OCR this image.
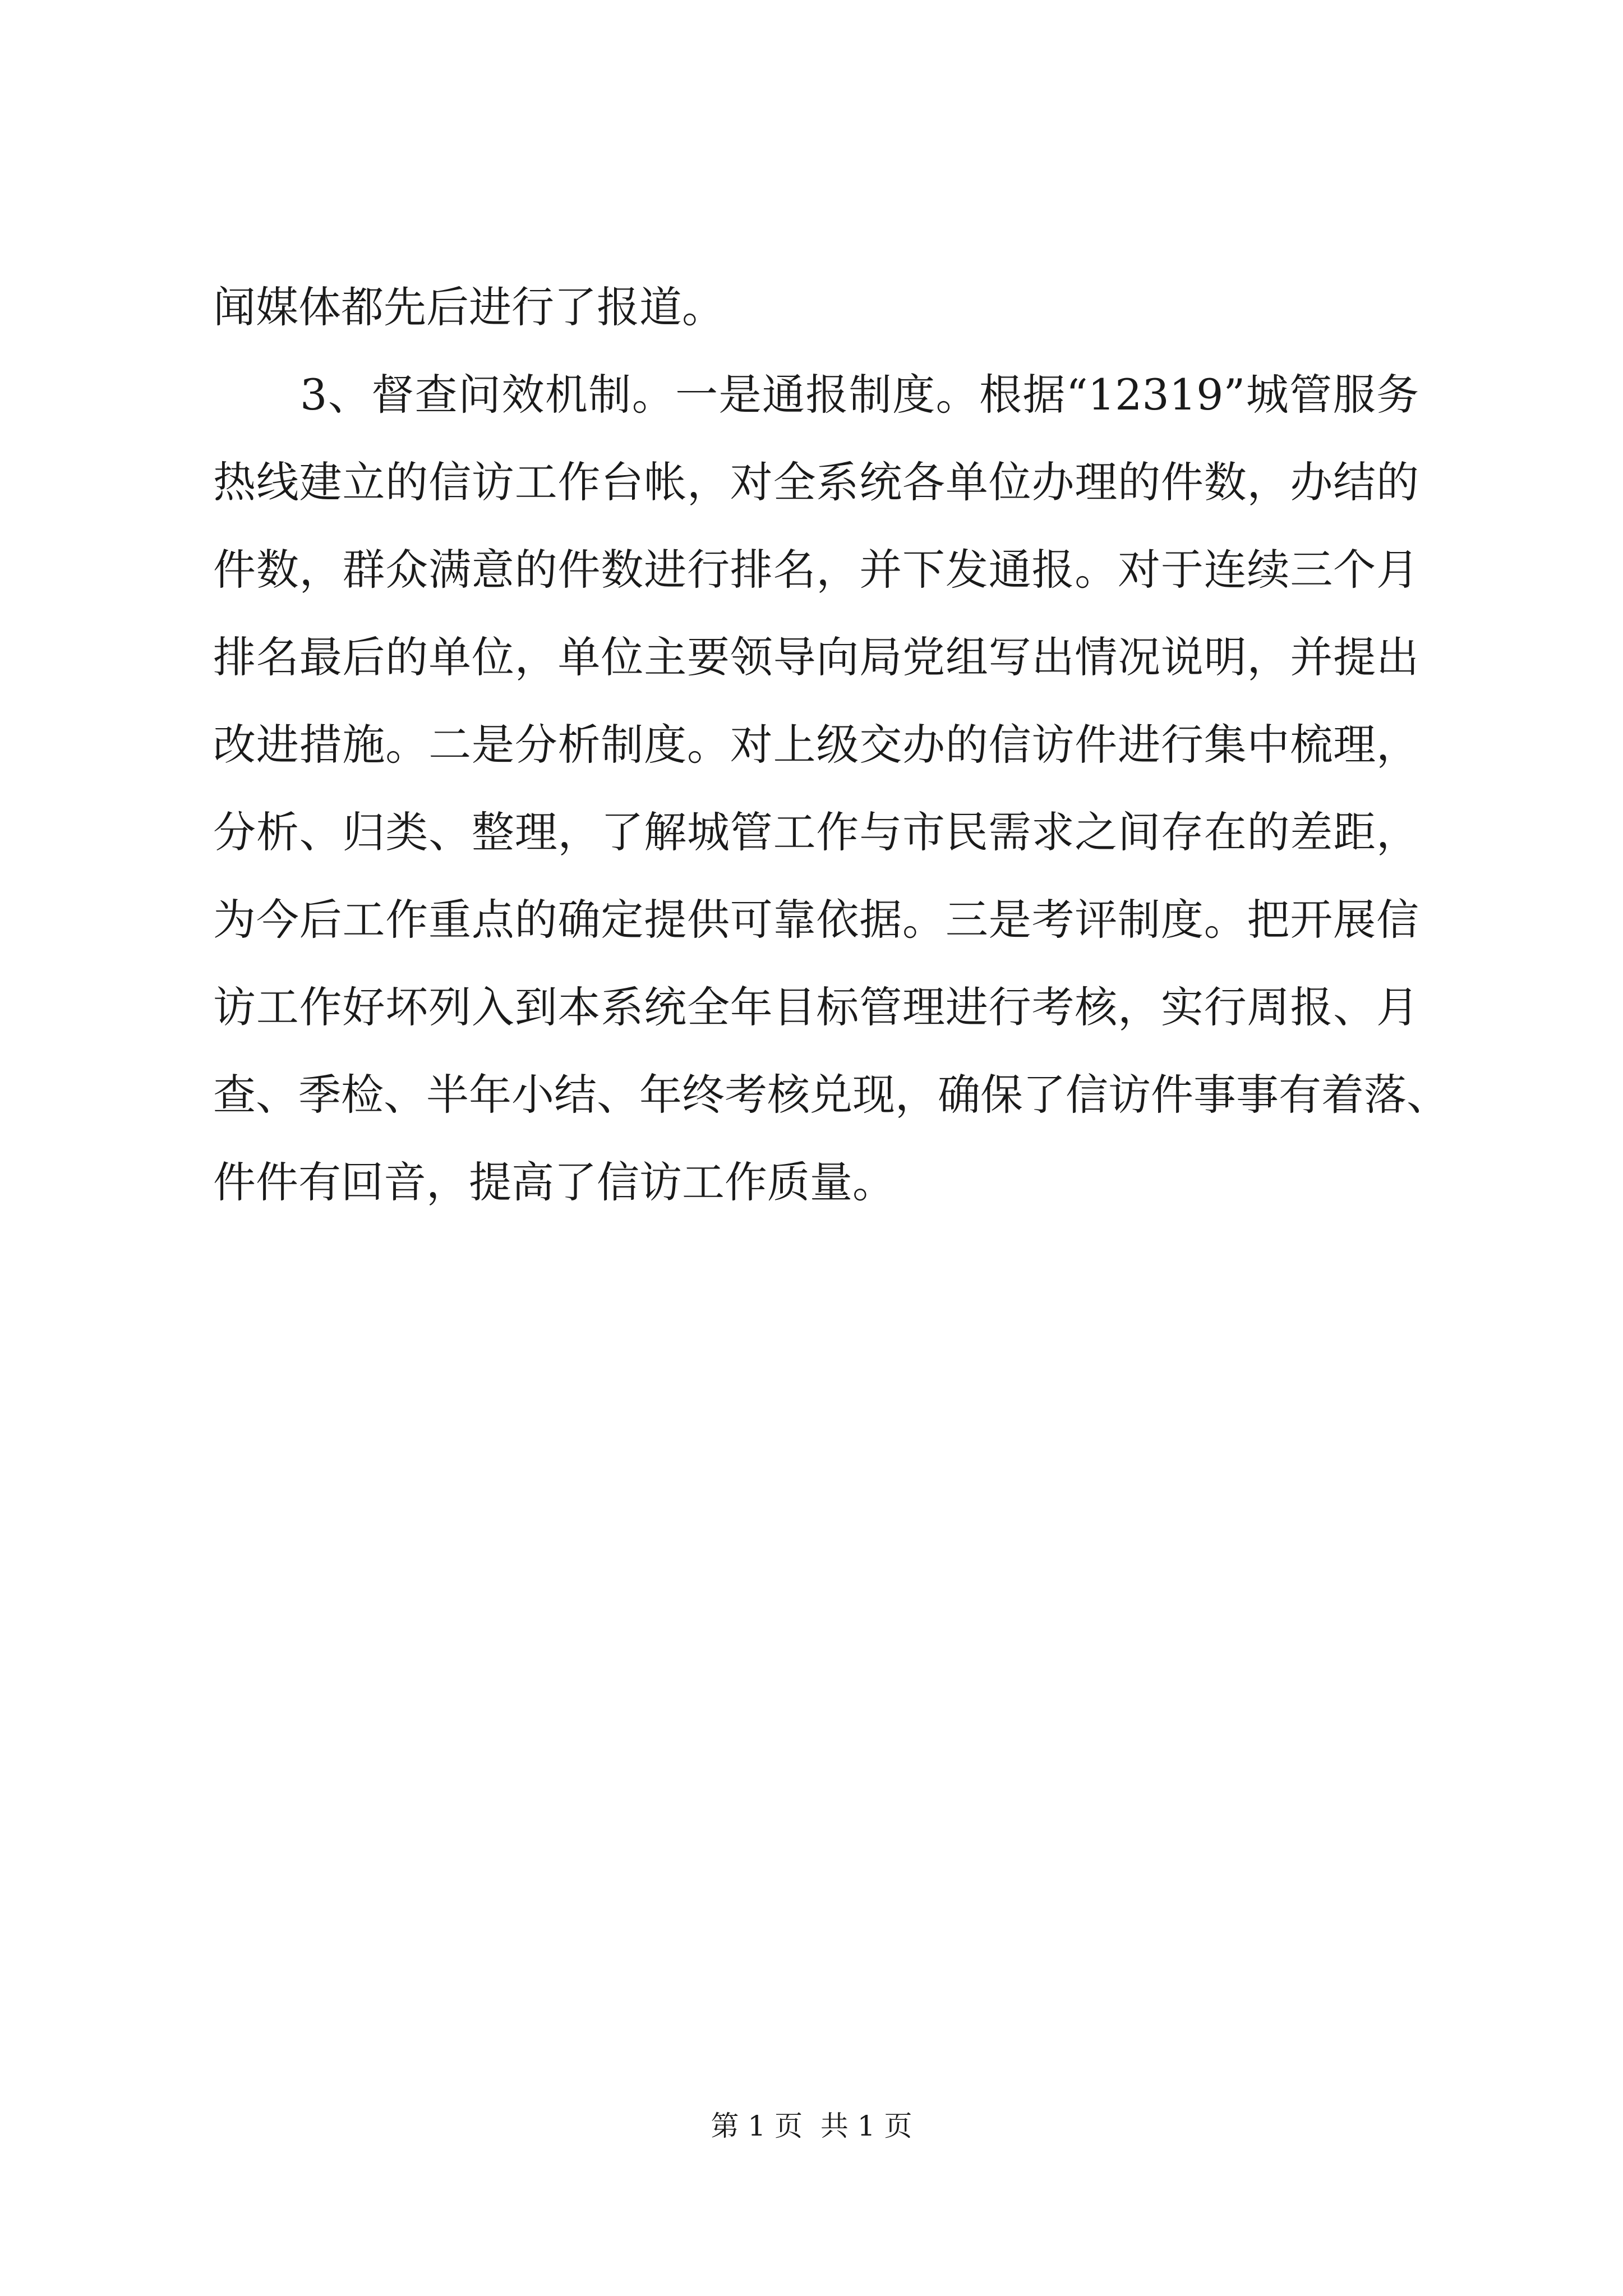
闻媒体都先后进行了报道。
3、督查问效机制。一是通报制度。根据“12319”城管服务
热线建立的信访工作台帐，对全系统各单位办理的件数，办结的
件数，群众满意的件数进行排名，并下发通报。对于连续三个月
排名最后的单位，单位主要领导向局党组写出情况说明，并提出
改进措施。二是分析制度。对上级交办的信访件进行集中梳理，
分析、归类、整理，了解城管工作与市民需求之间存在的差距，
为今后工作重点的确定提供可靠依据。三是考评制度。把开展信
访工作好坏列入到本系统全年目标管理进行考核，实行周报、月
查、季检、半年小结、年终考核兑现，确保了信访件事事有着落、
件件有回音，提高了信访工作质量。
第 1 页  共 1 页
